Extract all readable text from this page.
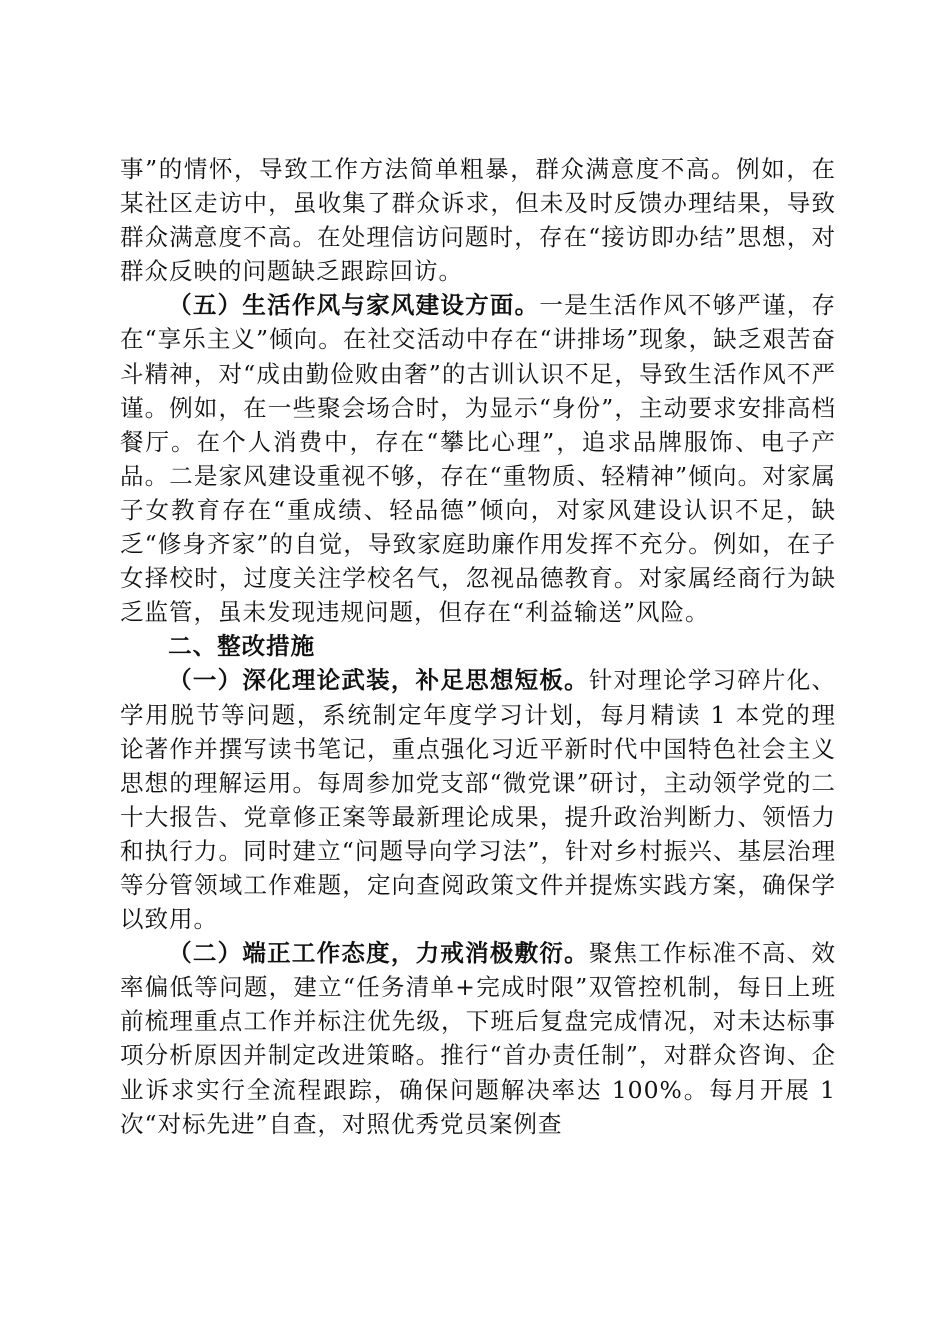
事”的情怀，导致工作方法简单粗暴，群众满意度不高。例如，在某社区走访中，虽收集了群众诉求，但未及时反馈办理结果，导致群众满意度不高。在处理信访问题时，存在“接访即办结”思想，对群众反映的问题缺乏跟踪回访。

（五）生活作风与家风建设方面。一是生活作风不够严谨，存在“享乐主义”倾向。在社交活动中存在“讲排场”现象，缺乏艰苦奋斗精神，对“成由勤俭败由奢”的古训认识不足，导致生活作风不严谨。例如，在一些聚会场合时，为显示“身份”，主动要求安排高档餐厅。在个人消费中，存在“攀比心理”，追求品牌服饰、电子产品。二是家风建设重视不够，存在“重物质、轻精神”倾向。对家属子女教育存在“重成绩、轻品德”倾向，对家风建设认识不足，缺乏“修身齐家”的自觉，导致家庭助廉作用发挥不充分。例如，在子女择校时，过度关注学校名气，忽视品德教育。对家属经商行为缺乏监管，虽未发现违规问题，但存在“利益输送”风险。

二、整改措施

（一）深化理论武装，补足思想短板。针对理论学习碎片化、学用脱节等问题，系统制定年度学习计划，每月精读 1 本党的理论著作并撰写读书笔记，重点强化习近平新时代中国特色社会主义思想的理解运用。每周参加党支部“微党课”研讨，主动领学党的二十大报告、党章修正案等最新理论成果，提升政治判断力、领悟力和执行力。同时建立“问题导向学习法”，针对乡村振兴、基层治理等分管领域工作难题，定向查阅政策文件并提炼实践方案，确保学以致用。

（二）端正工作态度，力戒消极敷衍。聚焦工作标准不高、效率偏低等问题，建立“任务清单+完成时限”双管控机制，每日上班前梳理重点工作并标注优先级，下班后复盘完成情况，对未达标事项分析原因并制定改进策略。推行“首办责任制”，对群众咨询、企业诉求实行全流程跟踪，确保问题解决率达 100%。每月开展 1 次“对标先进”自查，对照优秀党员案例查
